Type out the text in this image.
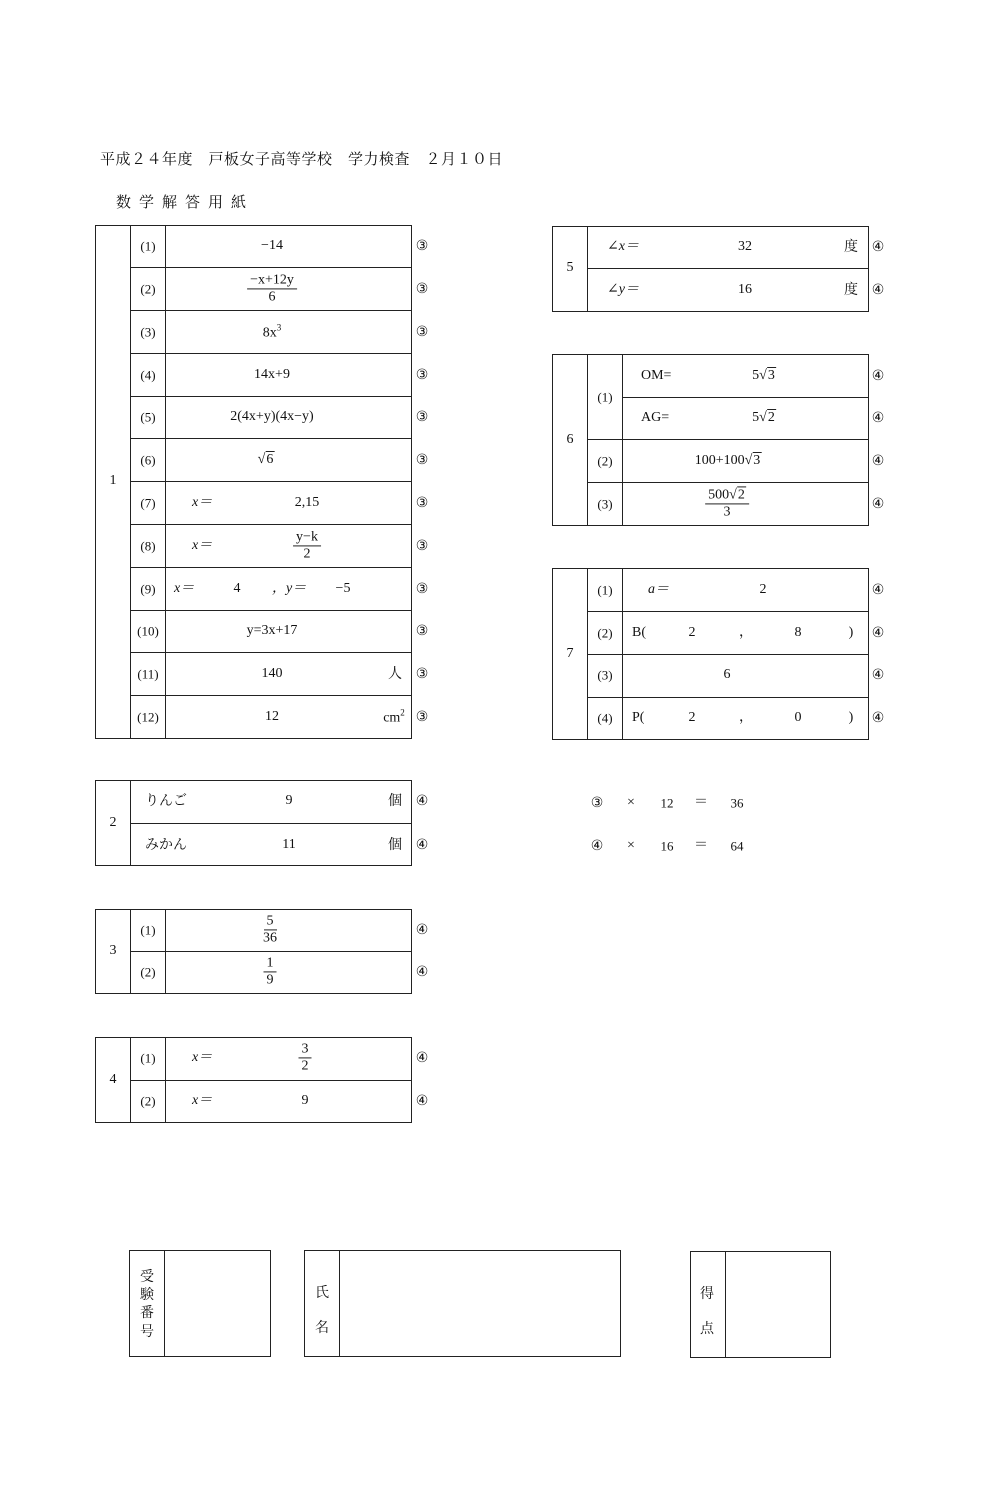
平成２４年度　戸板女子高等学校　学力検査　２月１０日
数学解答用紙
1
(1)	−14	③
(2)	$\frac{-x+12y}{6}$	③
(3)	$8x^3$	③
(4)	14x+9	③
(5)	2(4x+y)(4x−y)	③
(6)	√6	③
(7)	x＝	2,15	③
(8)	x＝	$\frac{y-k}{2}$	③
(9) x＝	4 ，y＝ −5	③
(10)	y=3x+17	③
(11)	140	人 ③
(12)	12	$cm^2$ ③
2
りんご	9	個 ④
みかん	11	個 ④
3
(1)	$\frac{5}{36}$	④
(2)	$\frac{1}{9}$	④
4
(1)	x＝	$\frac{3}{2}$	④
(2)	x＝	9	④
5
∠x＝	32	度 ④
∠y＝	16	度 ④
6
(1)
OM=	5√3	④
AG=	5√2	④
(2)	100+100√3	④
(3)	$\frac{500√2}{3}$	④
7
(1)	a＝	2	④
(2) B(	2	，	8	) ④
(3)	6	④
(4) P(	2	，	0	) ④
③ × 12 ＝ 36
④ × 16 ＝ 64
受験番号
氏名
得点
